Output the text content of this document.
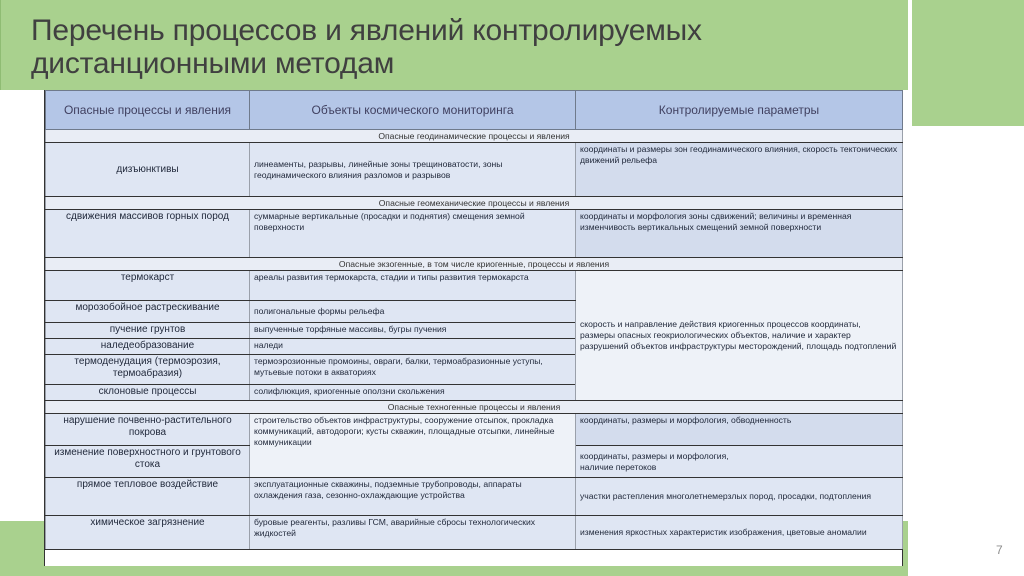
Перечень процессов и явлений контролируемых дистанционными методам
7
Опасные процессы и явления	Объекты космического мониторинга	Контролируемые параметры
Опасные геодинамические процессы и явления		
дизъюнктивы	линеаменты, разрывы, линейные зоны трещиноватости, зоны геодинамического влияния разломов и разрывов	координаты и размеры зон геодинамического влияния, скорость тектонических движений рельефа
Опасные геомеханические процессы и явления		
сдвижения массивов горных пород	суммарные вертикальные (просадки и поднятия) смещения земной поверхности	координаты и морфология зоны сдвижений; величины и временная изменчивость вертикальных смещений земной поверхности
Опасные экзогенные, в том числе криогенные, процессы и явления		
термокарст	ареалы развития термокарста, стадии и типы развития термокарста	скорость и направление действия криогенных процессов координаты, размеры опасных геокриологических объектов, наличие и характер разрушений объектов инфраструктуры месторождений, площадь подтоплений
морозобойное растрескивание	полигональные формы рельефа	
пучение грунтов	выпученные торфяные массивы, бугры пучения	
наледеобразование	наледи	
термоденудация (термоэрозия, термоабразия)	термоэрозионные промоины, овраги, балки, термоабразионные уступы, мутьевые потоки в акваториях	
склоновые процессы	солифлюкция, криогенные оползни скольжения	
Опасные техногенные процессы и явления		
нарушение почвенно-растительного покрова	строительство объектов инфраструктуры, сооружение отсыпок, прокладка коммуникаций, автодороги; кусты скважин, площадные отсыпки, линейные коммуникации	координаты, размеры и морфология, обводненность
изменение поверхностного и грунтового стока		координаты, размеры и морфология,
наличие перетоков
прямое тепловое воздействие	эксплуатационные скважины, подземные трубопроводы, аппараты охлаждения газа, сезонно-охлаждающие устройства	участки растепления многолетнемерзлых пород, просадки, подтопления
химическое загрязнение	буровые реагенты, разливы ГСМ, аварийные сбросы технологических жидкостей	изменения яркостных характеристик изображения, цветовые аномалии
